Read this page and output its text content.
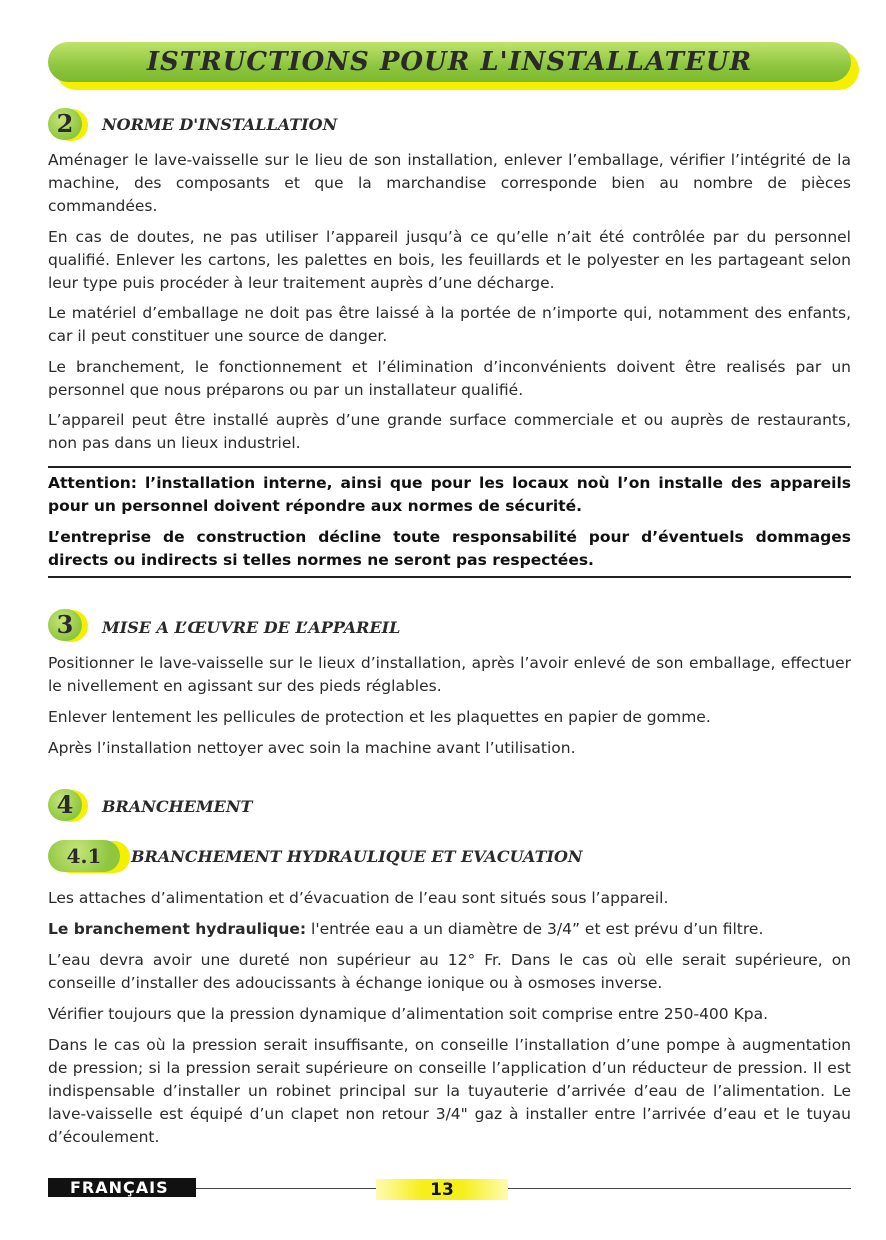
ISTRUCTIONS POUR L'INSTALLATEUR
2	NORME D'INSTALLATION

Aménager le lave-vaisselle sur le lieu de son installation, enlever l’emballage, vérifier l’intégrité de la machine, des composants et que la marchandise corresponde bien au nombre de pièces commandées.

En cas de doutes, ne pas utiliser l’appareil jusqu’à ce qu’elle n’ait été contrôlée par du personnel qualifié. Enlever les cartons, les palettes en bois, les feuillards et le polyester en les partageant selon leur type puis procéder à leur traitement auprès d’une décharge.

Le matériel d’emballage ne doit pas être laissé à la portée de n’importe qui, notamment des enfants, car il peut constituer une source de danger.

Le branchement, le fonctionnement et l’élimination d’inconvénients doivent être realisés par un personnel que nous préparons ou par un installateur qualifié.

L’appareil peut être installé auprès d’une grande surface commerciale et ou auprès de restaurants, non pas dans un lieux industriel.

Attention: l’installation interne, ainsi que pour les locaux noù l’on installe des appareils pour un personnel doivent répondre aux normes de sécurité.

L’entreprise de construction décline toute responsabilité pour d’éventuels dommages directs ou indirects si telles normes ne seront pas respectées.

3	MISE A L’ŒUVRE DE L’APPAREIL

Positionner le lave-vaisselle sur le lieux d’installation, après l’avoir enlevé de son emballage, effectuer le nivellement en agissant sur des pieds réglables.

Enlever lentement les pellicules de protection et les plaquettes en papier de gomme.

Après l’installation nettoyer avec soin la machine avant l’utilisation.

4	BRANCHEMENT
4.1	BRANCHEMENT HYDRAULIQUE ET EVACUATION

Les attaches d’alimentation et d’évacuation de l’eau sont situés sous l’appareil.

Le branchement hydraulique: l'entrée eau a un diamètre de 3/4” et est prévu d’un filtre.

L’eau devra avoir une dureté non supérieur au 12° Fr. Dans le cas où elle serait supérieure, on conseille d’installer des adoucissants à échange ionique ou à osmoses inverse.

Vérifier toujours que la pression dynamique d’alimentation soit comprise entre 250-400 Kpa.

Dans le cas où la pression serait insuffisante, on conseille l’installation d’une pompe à augmentation de pression; si la pression serait supérieure on conseille l’application d’un réducteur de pression. Il est indispensable d’installer un robinet principal sur la tuyauterie d’arrivée d’eau de l’alimentation. Le lave-vaisselle est équipé d’un clapet non retour 3/4" gaz à installer entre l’arrivée d’eau et le tuyau d’écoulement.

FRANÇAIS	13
